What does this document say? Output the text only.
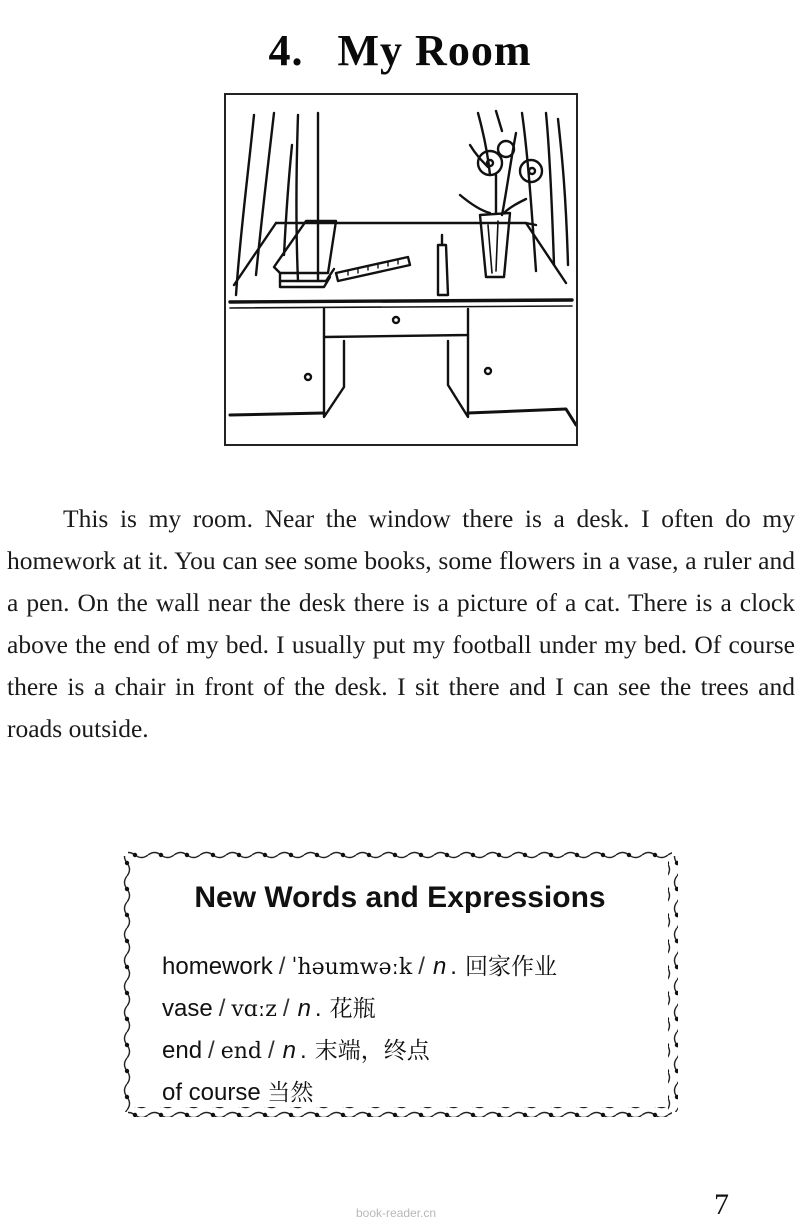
4. My Room

This is my room. Near the window there is a desk. I often do my homework at it. You can see some books, some flowers in a vase, a ruler and a pen. On the wall near the desk there is a picture of a cat. There is a clock above the end of my bed. I usually put my football under my bed. Of course there is a chair in front of the desk. I sit there and I can see the trees and roads outside.

New Words and Expressions
homework / ˈhəumwəːk / n . 回家作业
vase / vɑːz / n . 花瓶
end / end / n . 末端，终点
of course 当然
book-reader.cn	7
